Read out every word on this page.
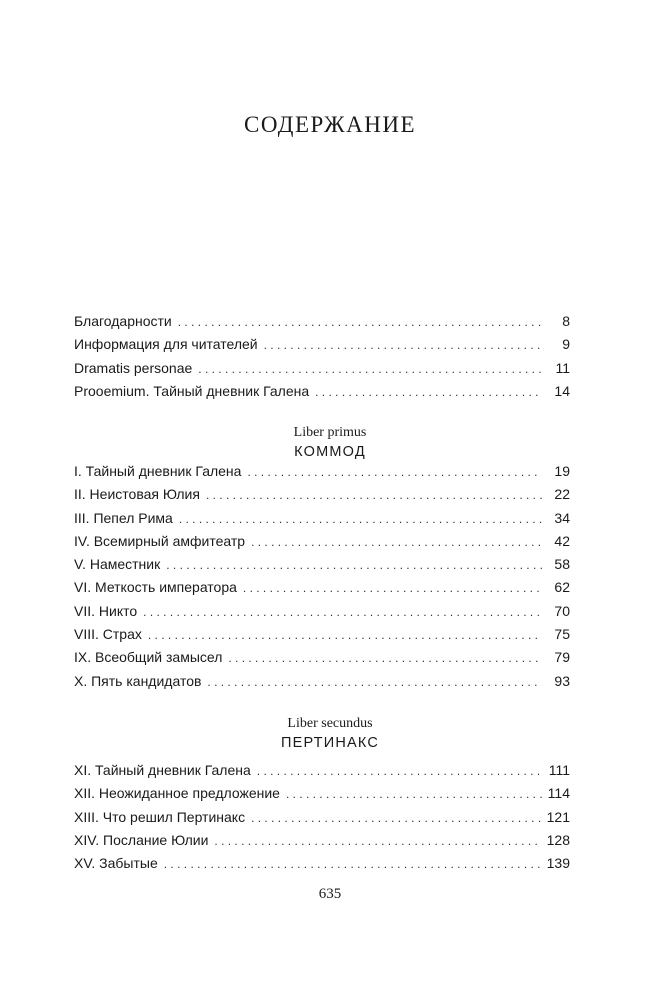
СОДЕРЖАНИЕ
Благодарности . . .	8
Информация для читателей . . .	9
Dramatis personae . . .	11
Prooemium. Тайный дневник Галена . . .	14
Liber primus
КОММОД
I. Тайный дневник Галена . . .	19
II. Неистовая Юлия . . .	22
III. Пепел Рима . . .	34
IV. Всемирный амфитеатр . . .	42
V. Наместник . . .	58
VI. Меткость императора . . .	62
VII. Никто . . .	70
VIII. Страх . . .	75
IX. Всеобщий замысел . . .	79
X. Пять кандидатов . . .	93
Liber secundus
ПЕРТИНАКС
XI. Тайный дневник Галена . . .	111
XII. Неожиданное предложение . . .	114
XIII. Что решил Пертинакс . . .	121
XIV. Послание Юлии . . .	128
XV. Забытые . . .	139
635
